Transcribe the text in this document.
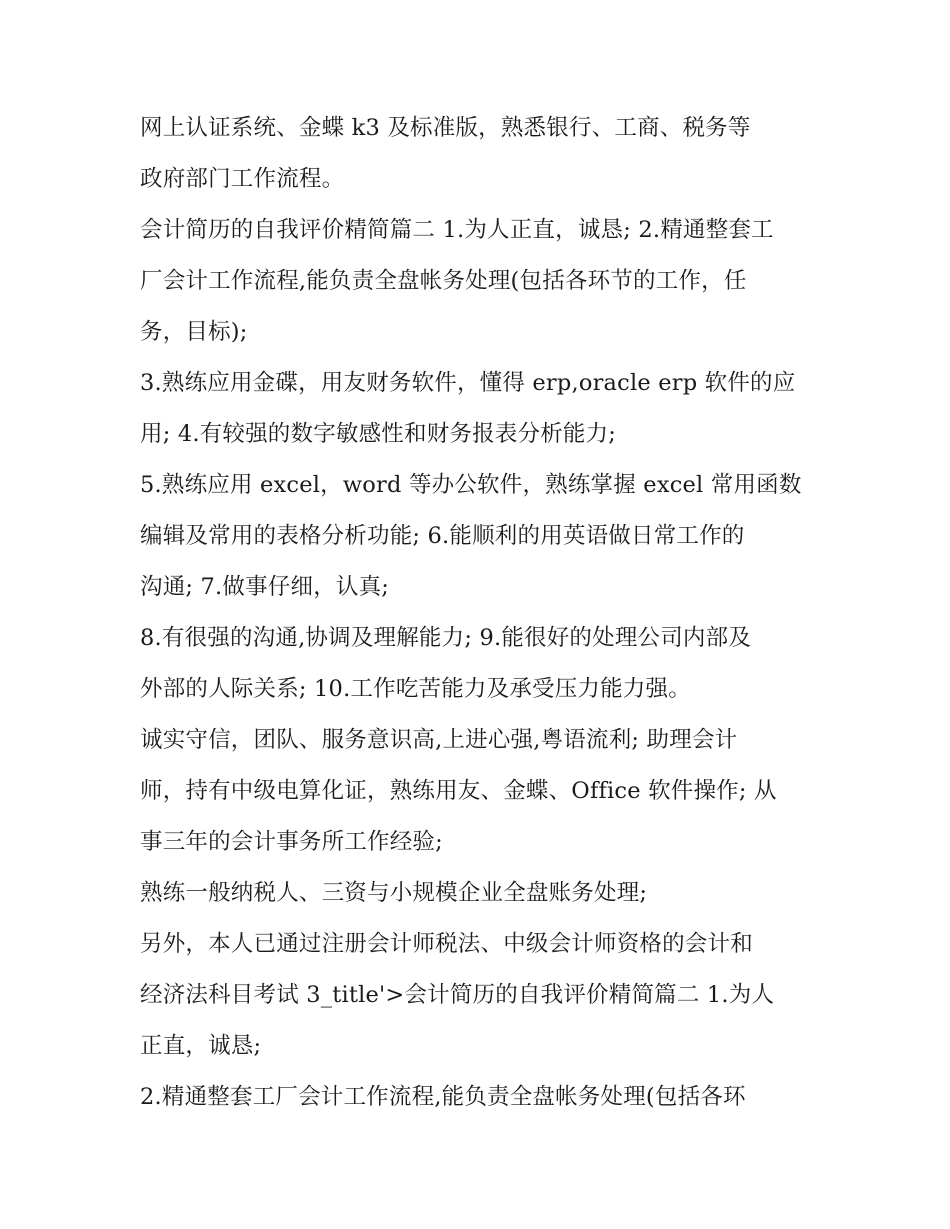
网上认证系统、金蝶 k3 及标准版，熟悉银行、工商、税务等
政府部门工作流程。
会计简历的自我评价精简篇二 1.为人正直，诚恳; 2.精通整套工
厂会计工作流程,能负责全盘帐务处理(包括各环节的工作，任
务，目标);
3.熟练应用金碟，用友财务软件，懂得 erp,oracle erp 软件的应
用; 4.有较强的数字敏感性和财务报表分析能力;
5.熟练应用 excel，word 等办公软件，熟练掌握 excel 常用函数
编辑及常用的表格分析功能; 6.能顺利的用英语做日常工作的
沟通; 7.做事仔细，认真;
8.有很强的沟通,协调及理解能力; 9.能很好的处理公司内部及
外部的人际关系; 10.工作吃苦能力及承受压力能力强。
诚实守信，团队、服务意识高,上进心强,粤语流利; 助理会计
师，持有中级电算化证，熟练用友、金蝶、Office 软件操作; 从
事三年的会计事务所工作经验;
熟练一般纳税人、三资与小规模企业全盘账务处理;
另外，本人已通过注册会计师税法、中级会计师资格的会计和
经济法科目考试 3_title'>会计简历的自我评价精简篇二 1.为人
正直，诚恳;
2.精通整套工厂会计工作流程,能负责全盘帐务处理(包括各环
